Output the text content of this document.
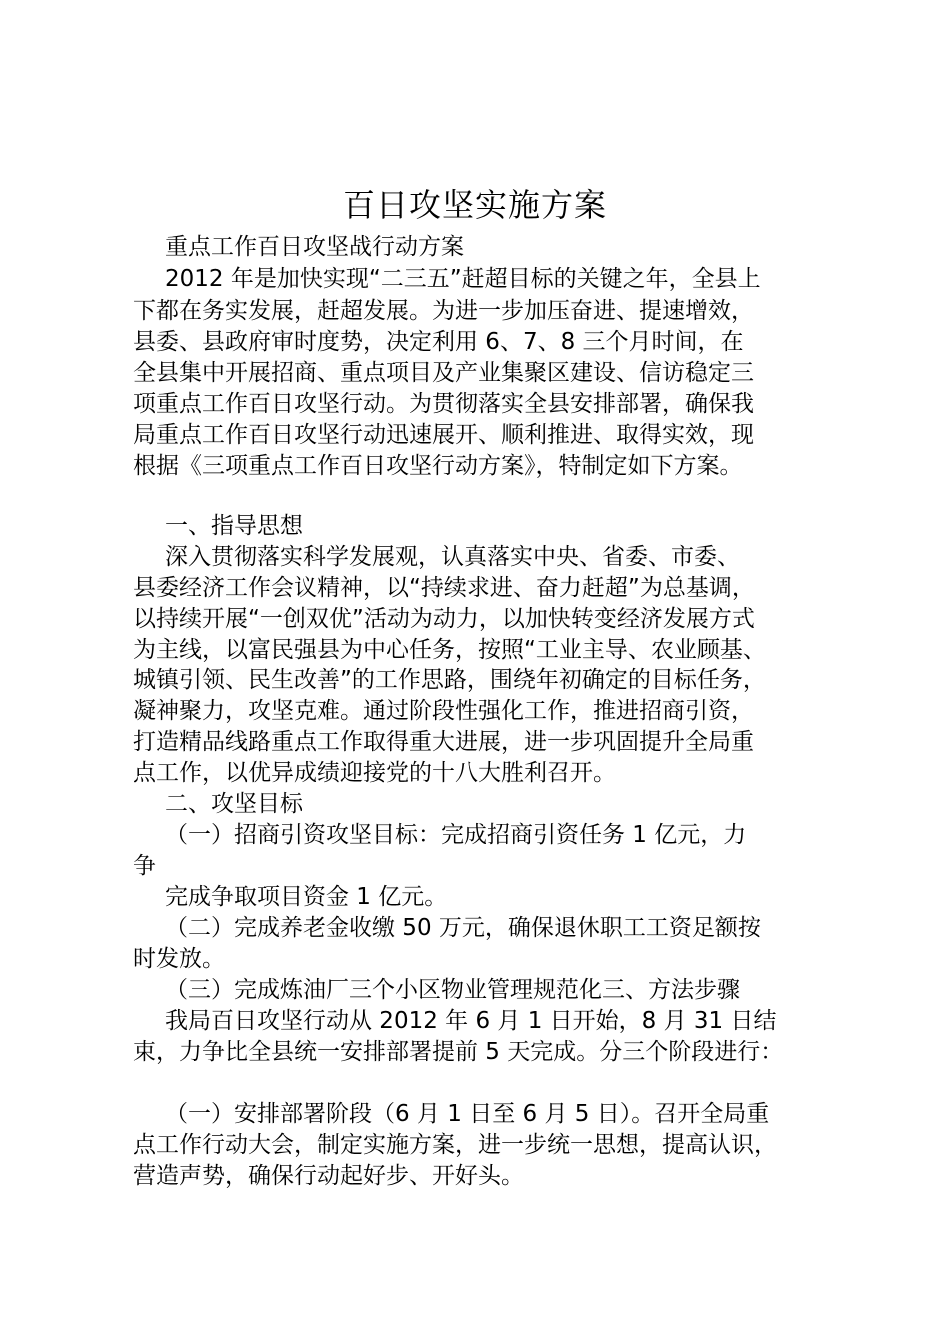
百日攻坚实施方案
重点工作百日攻坚战行动方案
2012 年是加快实现“二三五”赶超目标的关键之年，全县上
下都在务实发展，赶超发展。为进一步加压奋进、提速增效，
县委、县政府审时度势，决定利用 6、7、8 三个月时间，在
全县集中开展招商、重点项目及产业集聚区建设、信访稳定三
项重点工作百日攻坚行动。为贯彻落实全县安排部署，确保我
局重点工作百日攻坚行动迅速展开、顺利推进、取得实效，现
根据《三项重点工作百日攻坚行动方案》，特制定如下方案。
一、指导思想
深入贯彻落实科学发展观，认真落实中央、省委、市委、
县委经济工作会议精神，以“持续求进、奋力赶超”为总基调，
以持续开展“一创双优”活动为动力，以加快转变经济发展方式
为主线，以富民强县为中心任务，按照“工业主导、农业顾基、
城镇引领、民生改善”的工作思路，围绕年初确定的目标任务，
凝神聚力，攻坚克难。通过阶段性强化工作，推进招商引资，
打造精品线路重点工作取得重大进展，进一步巩固提升全局重
点工作，以优异成绩迎接党的十八大胜利召开。
二、攻坚目标
（一）招商引资攻坚目标：完成招商引资任务 1 亿元，力
争
完成争取项目资金 1 亿元。
（二）完成养老金收缴 50 万元，确保退休职工工资足额按
时发放。
（三）完成炼油厂三个小区物业管理规范化三、方法步骤
我局百日攻坚行动从 2012 年 6 月 1 日开始，8 月 31 日结
束，力争比全县统一安排部署提前 5 天完成。分三个阶段进行：
（一）安排部署阶段（6 月 1 日至 6 月 5 日）。召开全局重
点工作行动大会，制定实施方案，进一步统一思想，提高认识，
营造声势，确保行动起好步、开好头。
